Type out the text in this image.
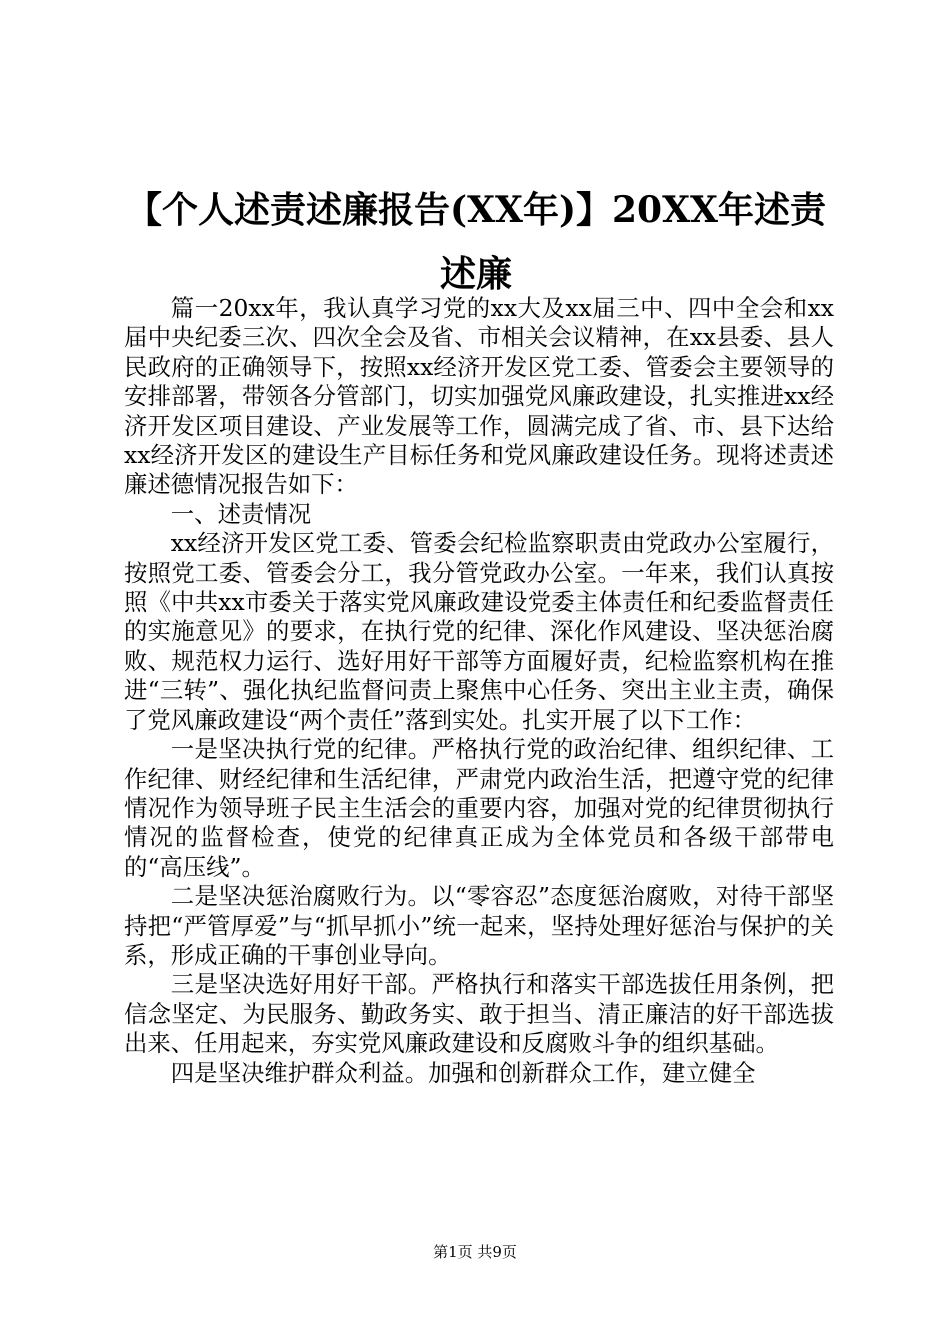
【个人述责述廉报告(XX年)】20XX年述责述廉

篇一20xx年，我认真学习党的xx大及xx届三中、四中全会和xx届中央纪委三次、四次全会及省、市相关会议精神，在xx县委、县人民政府的正确领导下，按照xx经济开发区党工委、管委会主要领导的安排部署，带领各分管部门，切实加强党风廉政建设，扎实推进xx经济开发区项目建设、产业发展等工作，圆满完成了省、市、县下达给xx经济开发区的建设生产目标任务和党风廉政建设任务。现将述责述廉述德情况报告如下：

一、述责情况

xx经济开发区党工委、管委会纪检监察职责由党政办公室履行，按照党工委、管委会分工，我分管党政办公室。一年来，我们认真按照《中共xx市委关于落实党风廉政建设党委主体责任和纪委监督责任的实施意见》的要求，在执行党的纪律、深化作风建设、坚决惩治腐败、规范权力运行、选好用好干部等方面履好责，纪检监察机构在推进“三转”、强化执纪监督问责上聚焦中心任务、突出主业主责，确保了党风廉政建设“两个责任”落到实处。扎实开展了以下工作：

一是坚决执行党的纪律。严格执行党的政治纪律、组织纪律、工作纪律、财经纪律和生活纪律，严肃党内政治生活，把遵守党的纪律情况作为领导班子民主生活会的重要内容，加强对党的纪律贯彻执行情况的监督检查，使党的纪律真正成为全体党员和各级干部带电的“高压线”。

二是坚决惩治腐败行为。以“零容忍”态度惩治腐败，对待干部坚持把“严管厚爱”与“抓早抓小”统一起来，坚持处理好惩治与保护的关系，形成正确的干事创业导向。

三是坚决选好用好干部。严格执行和落实干部选拔任用条例，把信念坚定、为民服务、勤政务实、敢于担当、清正廉洁的好干部选拔出来、任用起来，夯实党风廉政建设和反腐败斗争的组织基础。

四是坚决维护群众利益。加强和创新群众工作，建立健全

第1页 共9页
